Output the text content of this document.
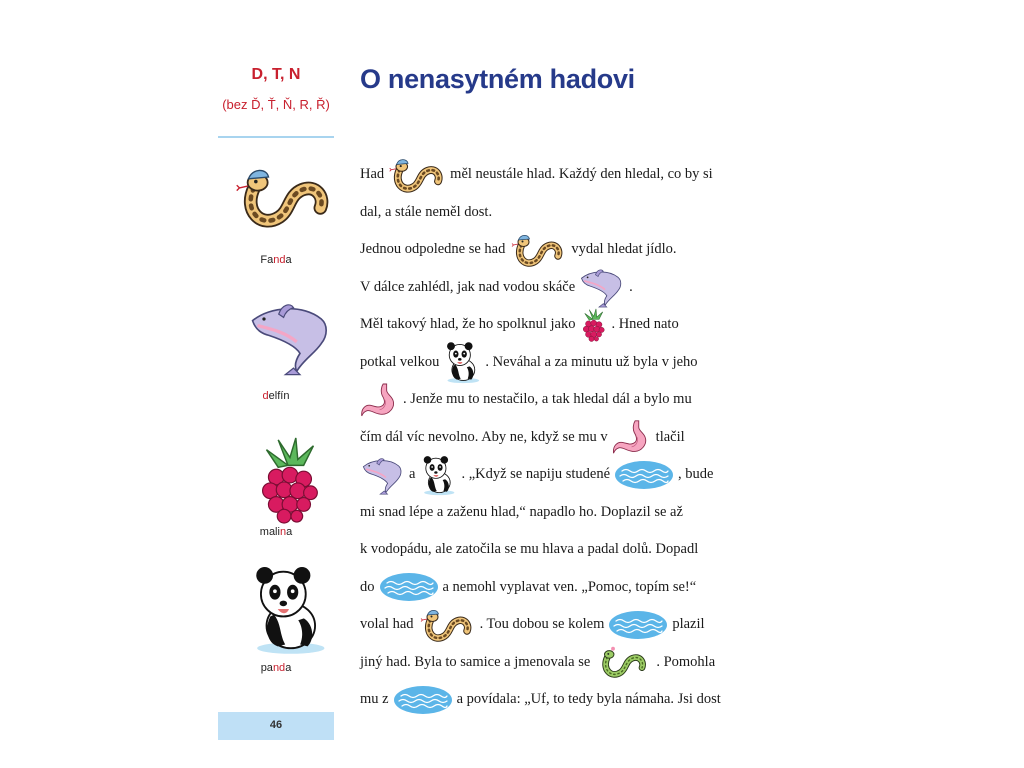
D, T, N
(bez Ď, Ť, Ň, R, Ř)
Fanda
delfín
malina
panda
46
O nenasytném hadovi
Had	měl neustále hlad. Každý den hledal, co by si
dal, a stále neměl dost.
Jednou odpoledne se had	vydal hledat jídlo.
V dálce zahlédl, jak nad vodou skáče	.
Měl takový hlad, že ho spolknul jako . Hned nato
potkal velkou	. Neváhal a za minutu už byla v jeho
. Jenže mu to nestačilo, a tak hledal dál a bylo mu
čím dál víc nevolno. Aby ne, když se mu v	tlačil
a	. „Když se napiju studené	, bude
mi snad lépe a zaženu hlad,“ napadlo ho. Doplazil se až
k vodopádu, ale zatočila se mu hlava a padal dolů. Dopadl
do	a nemohl vyplavat ven. „Pomoc, topím se!“
volal had	. Tou dobou se kolem	plazil
jiný had. Byla to samice a jmenovala se	. Pomohla
mu z	a povídala: „Uf, to tedy byla námaha. Jsi dost
